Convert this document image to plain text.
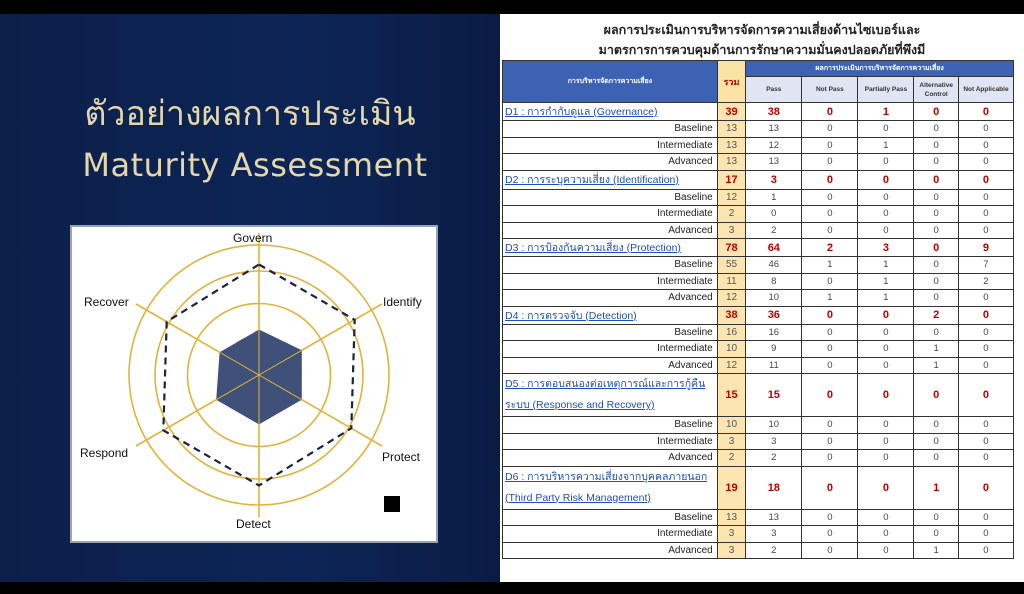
ตัวอย่างผลการประเมิน
Maturity Assessment
Govern
Identify
Protect
Detect
Respond
Recover
ผลการประเมินการบริหารจัดการความเสี่ยงด้านไซเบอร์และ
มาตรการการควบคุมด้านการรักษาความมั่นคงปลอดภัยที่พึงมี
การบริหารจัดการความเสี่ยง	รวม	ผลการประเมินการบริหารจัดการความเสี่ยง				
		Pass	Not Pass	Partially Pass	Alternative Control	Not Applicable
D1 : การกำกับดูแล (Governance)	39	38	0	1	0	0
Baseline	13	13	0	0	0	0
Intermediate	13	12	0	1	0	0
Advanced	13	13	0	0	0	0
D2 : การระบุความเสี่ยง (Identification)	17	3	0	0	0	0
Baseline	12	1	0	0	0	0
Intermediate	2	0	0	0	0	0
Advanced	3	2	0	0	0	0
D3 : การป้องกันความเสี่ยง (Protection)	78	64	2	3	0	9
Baseline	55	46	1	1	0	7
Intermediate	11	8	0	1	0	2
Advanced	12	10	1	1	0	0
D4 : การตรวจจับ (Detection)	38	36	0	0	2	0
Baseline	16	16	0	0	0	0
Intermediate	10	9	0	0	1	0
Advanced	12	11	0	0	1	0
D5 : การตอบสนองต่อเหตุการณ์และการกู้คืนระบบ (Response and Recovery)	15	15	0	0	0	0
Baseline	10	10	0	0	0	0
Intermediate	3	3	0	0	0	0
Advanced	2	2	0	0	0	0
D6 : การบริหารความเสี่ยงจากบุคคลภายนอก (Third Party Risk Management)	19	18	0	0	1	0
Baseline	13	13	0	0	0	0
Intermediate	3	3	0	0	0	0
Advanced	3	2	0	0	1	0
